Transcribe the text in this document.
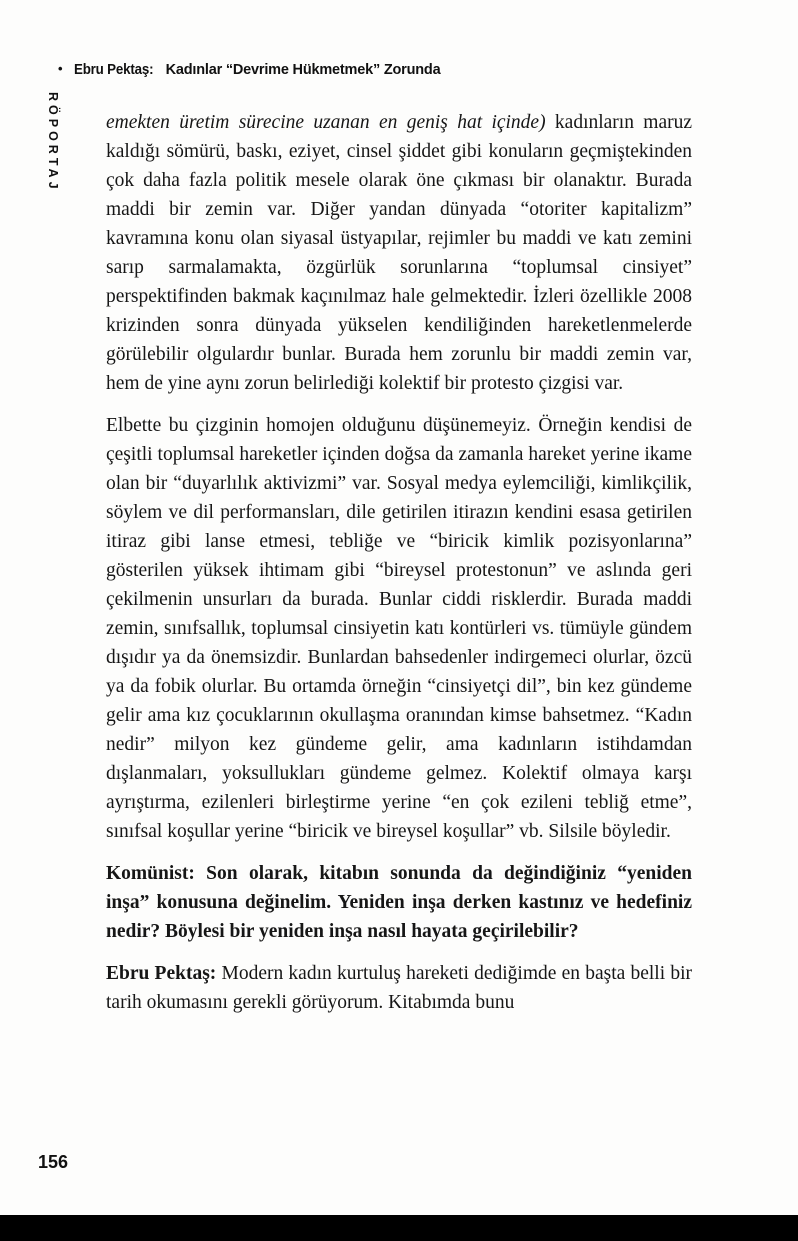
• Ebru Pektaş: Kadınlar “Devrime Hükmetmek” Zorunda
RÖPORTAJ emekten üretim sürecine uzanan en geniş hat içinde) kadınların maruz kaldığı sömürü, baskı, eziyet, cinsel şiddet gibi konuların geçmiştekinden çok daha fazla politik mesele olarak öne çıkması bir olanaktır. Burada maddi bir zemin var. Diğer yandan dünyada “otoriter kapitalizm” kavramına konu olan siyasal üstyapılar, rejimler bu maddi ve katı zemini sarıp sarmalamakta, özgürlük sorunlarına “toplumsal cinsiyet” perspektifinden bakmak kaçınılmaz hale gelmektedir. İzleri özellikle 2008 krizinden sonra dünyada yükselen kendiliğinden hareketlenmelerde görülebilir olgulardır bunlar. Burada hem zorunlu bir maddi zemin var, hem de yine aynı zorun belirlediği kolektif bir protesto çizgisi var.

Elbette bu çizginin homojen olduğunu düşünemeyiz. Örneğin kendisi de çeşitli toplumsal hareketler içinden doğsa da zamanla hareket yerine ikame olan bir “duyarlılık aktivizmi” var. Sosyal medya eylemciliği, kimlikçilik, söylem ve dil performansları, dile getirilen itirazın kendini esasa getirilen itiraz gibi lanse etmesi, tebliğe ve “biricik kimlik pozisyonlarına” gösterilen yüksek ihtimam gibi “bireysel protestonun” ve aslında geri çekilmenin unsurları da burada. Bunlar ciddi risklerdir. Burada maddi zemin, sınıfsallık, toplumsal cinsiyetin katı kontürleri vs. tümüyle gündem dışıdır ya da önemsizdir. Bunlardan bahsedenler indirgemeci olurlar, özcü ya da fobik olurlar. Bu ortamda örneğin “cinsiyetçi dil”, bin kez gündeme gelir ama kız çocuklarının okullaşma oranından kimse bahsetmez. “Kadın nedir” milyon kez gündeme gelir, ama kadınların istihdamdan dışlanmaları, yoksullukları gündeme gelmez. Kolektif olmaya karşı ayrıştırma, ezilenleri birleştirme yerine “en çok ezileni tebliğ etme”, sınıfsal koşullar yerine “biricik ve bireysel koşullar” vb. Silsile böyledir.

Komünist: Son olarak, kitabın sonunda da değindiğiniz “yeniden inşa” konusuna değinelim. Yeniden inşa derken kastınız ve hedefiniz nedir? Böylesi bir yeniden inşa nasıl hayata geçirilebilir?

Ebru Pektaş: Modern kadın kurtuluş hareketi dediğimde en başta belli bir tarih okumasını gerekli görüyorum. Kitabımda bunu

156
